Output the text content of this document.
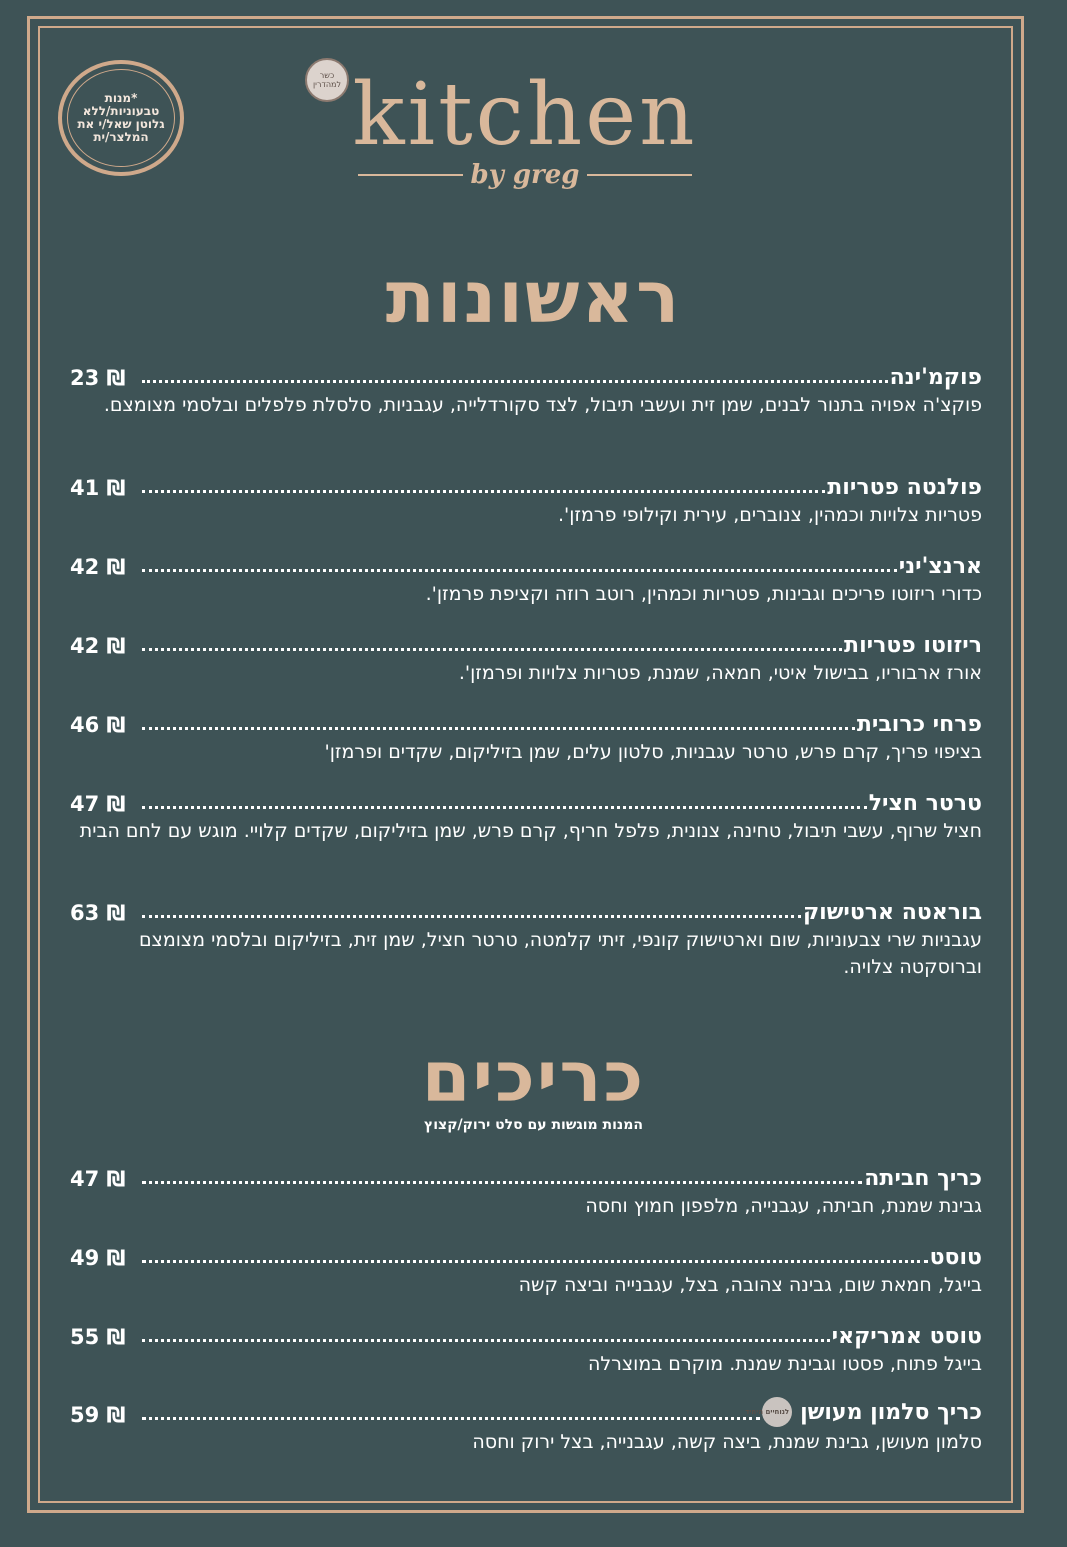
*מנות טבעוניות/ללא גלוטן שאל/י את המלצר/ית
כשר למהדרין kitchen
by greg
ראשונות
פוקמ'ינה
23 ₪
פוקצ'ה אפויה בתנור לבנים, שמן זית ועשבי תיבול, לצד סקורדלייה, עגבניות, סלסלת פלפלים ובלסמי מצומצם.
פולנטה פטריות
41 ₪
פטריות צלויות וכמהין, צנוברים, עירית וקילופי פרמזן'.
ארנצ'יני
42 ₪
כדורי ריזוטו פריכים וגבינות, פטריות וכמהין, רוטב רוזה וקציפת פרמזן'.
ריזוטו פטריות
42 ₪
אורז ארבוריו, בבישול איטי, חמאה, שמנת, פטריות צלויות ופרמזן'.
פרחי כרובית
46 ₪
בציפוי פריך, קרם פרש, טרטר עגבניות, סלטון עלים, שמן בזיליקום, שקדים ופרמזן'
טרטר חציל
47 ₪
חציל שרוף, עשבי תיבול, טחינה, צנונית, פלפל חריף, קרם פרש, שמן בזיליקום, שקדים קלויי. מוגש עם לחם הבית
בוראטה ארטישוק
63 ₪
עגבניות שרי צבעוניות, שום וארטישוק קונפי, זיתי קלמטה, טרטר חציל, שמן זית, בזיליקום ובלסמי מצומצם וברוסקטה צלויה.
כריכים
המנות מוגשות עם סלט ירוק/קצוץ
כריך חביתה
47 ₪
גבינת שמנת, חביתה, עגבנייה, מלפפון חמוץ וחסה
טוסט
49 ₪
בייגל, חמאת שום, גבינה צהובה, בצל, עגבנייה וביצה קשה
טוסט אמריקאי
55 ₪
בייגל פתוח, פסטו וגבינת שמנת. מוקרם במוצרלה
כריך סלמון מעושן
לנוחיים היחיד
59 ₪
סלמון מעושן, גבינת שמנת, ביצה קשה, עגבנייה, בצל ירוק וחסה
